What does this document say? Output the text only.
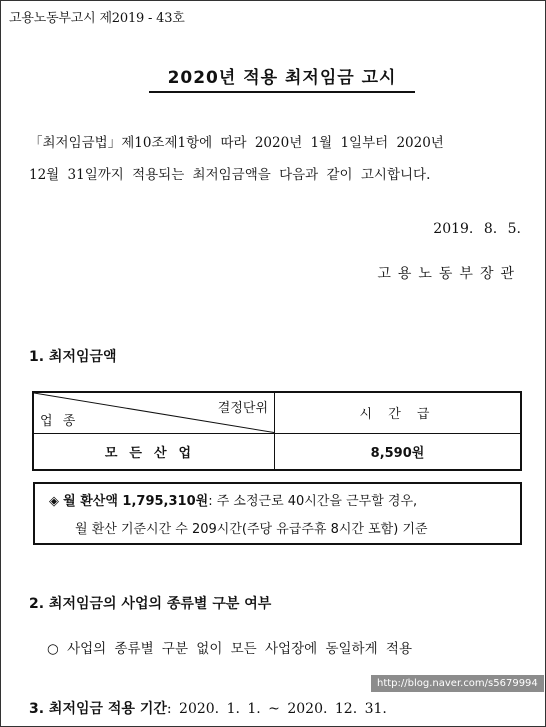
고용노동부고시 제2019 - 43호
2020년 적용 최저임금 고시
「최저임금법」제10조제1항에 따라 2020년 1월 1일부터 2020년
12월 31일까지 적용되는 최저임금액을 다음과 같이 고시합니다.
2019. 8. 5.
고용노동부장관
1. 최저임금액
결정단위
업 종	시 간 급
모든산업	8,590원
◈ 월 환산액 1,795,310원: 주 소정근로 40시간을 근무할 경우,
월 환산 기준시간 수 209시간(주당 유급주휴 8시간 포함) 기준
2. 최저임금의 사업의 종류별 구분 여부
○ 사업의 종류별 구분 없이 모든 사업장에 동일하게 적용
3. 최저임금 적용 기간: 2020. 1. 1. ~ 2020. 12. 31.
http://blog.naver.com/s5679994
